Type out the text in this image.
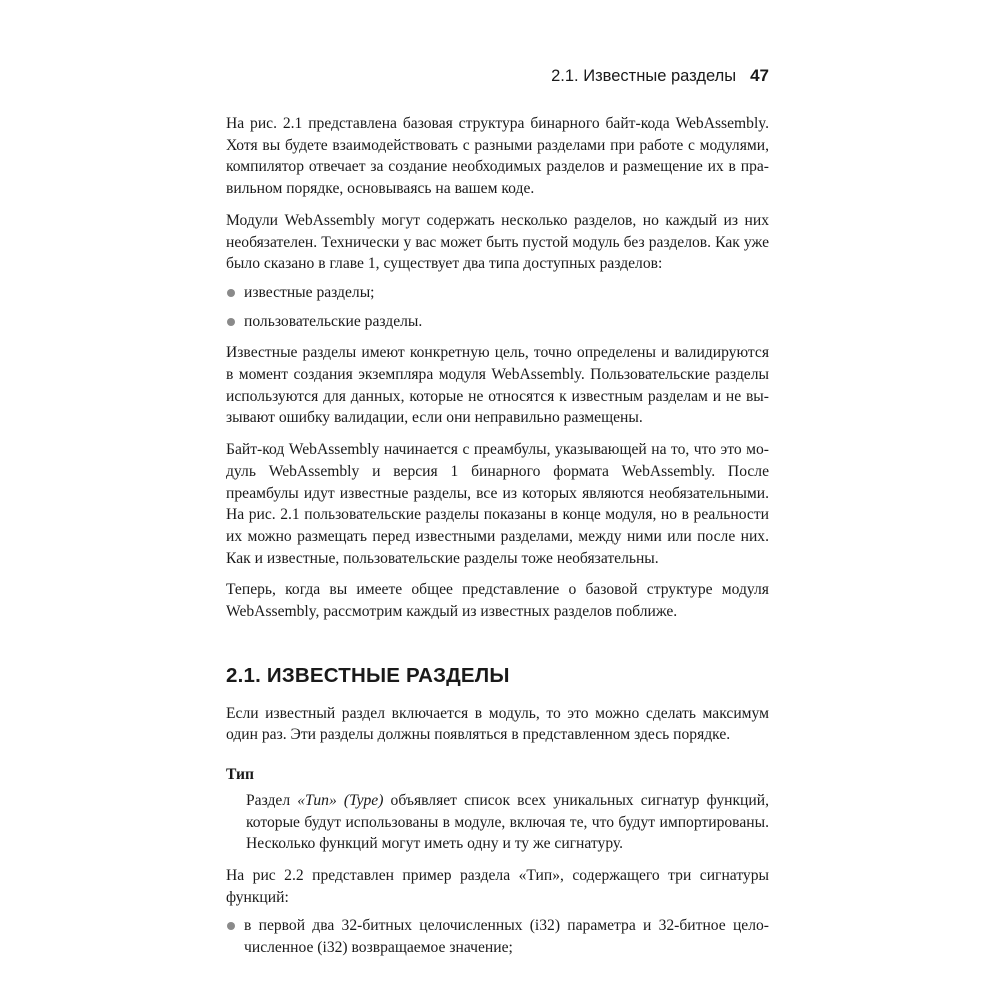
2.1. Известные разделы 47

На рис. 2.1 представлена базовая структура бинарного байт-кода WebAssembly. Хотя вы будете взаимодействовать с разными разделами при работе с модулями, компилятор отвечает за создание необходимых разделов и размещение их в правильном порядке, основываясь на вашем коде.

Модули WebAssembly могут содержать несколько разделов, но каждый из них необязателен. Технически у вас может быть пустой модуль без разделов. Как уже было сказано в главе 1, существует два типа доступных разделов:

известные разделы;
пользовательские разделы.

Известные разделы имеют конкретную цель, точно определены и валидируются в момент создания экземпляра модуля WebAssembly. Пользовательские разделы используются для данных, которые не относятся к известным разделам и не вызывают ошибку валидации, если они неправильно размещены.

Байт-код WebAssembly начинается с преамбулы, указывающей на то, что это модуль WebAssembly и версия 1 бинарного формата WebAssembly. После преамбулы идут известные разделы, все из которых являются необязательными. На рис. 2.1 пользовательские разделы показаны в конце модуля, но в реальности их можно размещать перед известными разделами, между ними или после них. Как и известные, пользовательские разделы тоже необязательны.

Теперь, когда вы имеете общее представление о базовой структуре модуля WebAssembly, рассмотрим каждый из известных разделов поближе.

2.1. ИЗВЕСТНЫЕ РАЗДЕЛЫ

Если известный раздел включается в модуль, то это можно сделать максимум один раз. Эти разделы должны появляться в представленном здесь порядке.

Тип

Раздел «Тип» (Type) объявляет список всех уникальных сигнатур функций, которые будут использованы в модуле, включая те, что будут импортированы. Несколько функций могут иметь одну и ту же сигнатуру.

На рис 2.2 представлен пример раздела «Тип», содержащего три сигнатуры функций:

в первой два 32-битных целочисленных (i32) параметра и 32-битное целочисленное (i32) возвращаемое значение;
